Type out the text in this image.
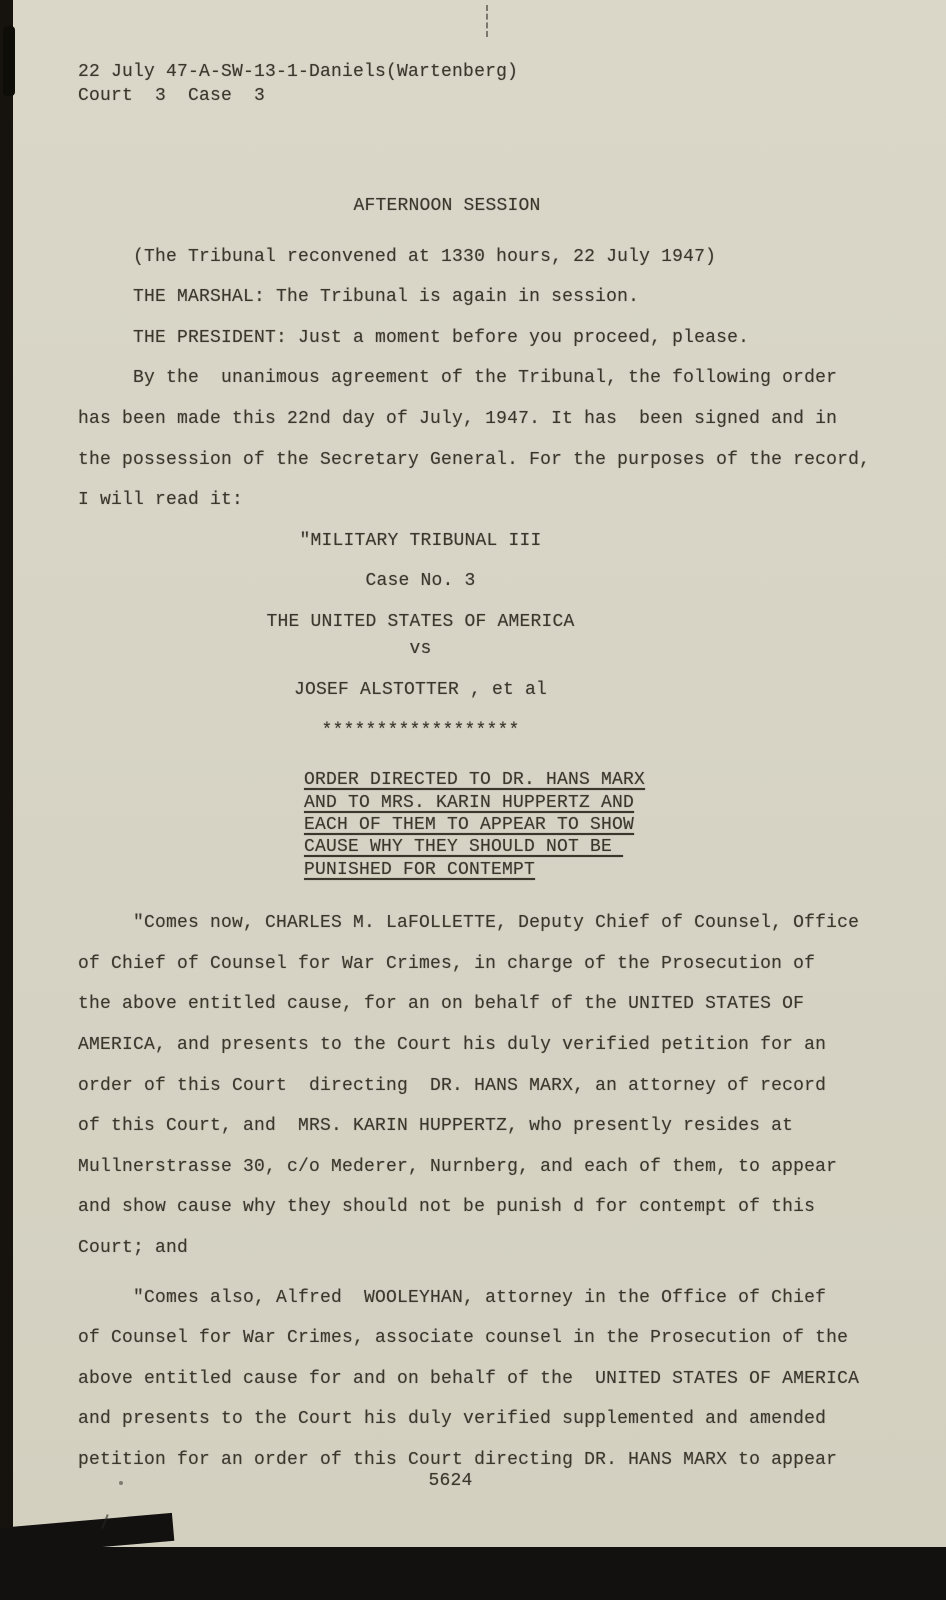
22 July 47-A-SW-13-1-Daniels(Wartenberg)
Court  3  Case  3
AFTERNOON SESSION
(The Tribunal reconvened at 1330 hours, 22 July 1947)
THE MARSHAL: The Tribunal is again in session.
THE PRESIDENT: Just a moment before you proceed, please.
By the  unanimous agreement of the Tribunal, the following order
has been made this 22nd day of July, 1947. It has  been signed and in
the possession of the Secretary General. For the purposes of the record,
I will read it:
"MILITARY TRIBUNAL III
Case No. 3
THE UNITED STATES OF AMERICA
vs
JOSEF ALSTOTTER , et al
******************
ORDER DIRECTED TO DR. HANS MARX
AND TO MRS. KARIN HUPPERTZ AND
EACH OF THEM TO APPEAR TO SHOW
CAUSE WHY THEY SHOULD NOT BE
PUNISHED FOR CONTEMPT
"Comes now, CHARLES M. LaFOLLETTE, Deputy Chief of Counsel, Office
of Chief of Counsel for War Crimes, in charge of the Prosecution of
the above entitled cause, for an on behalf of the UNITED STATES OF
AMERICA, and presents to the Court his duly verified petition for an
order of this Court  directing  DR. HANS MARX, an attorney of record
of this Court, and  MRS. KARIN HUPPERTZ, who presently resides at
Mullnerstrasse 30, c/o Mederer, Nurnberg, and each of them, to appear
and show cause why they should not be punish d for contempt of this
Court; and
"Comes also, Alfred  WOOLEYHAN, attorney in the Office of Chief
of Counsel for War Crimes, associate counsel in the Prosecution of the
above entitled cause for and on behalf of the  UNITED STATES OF AMERICA
and presents to the Court his duly verified supplemented and amended
petition for an order of this Court directing DR. HANS MARX to appear
5624
